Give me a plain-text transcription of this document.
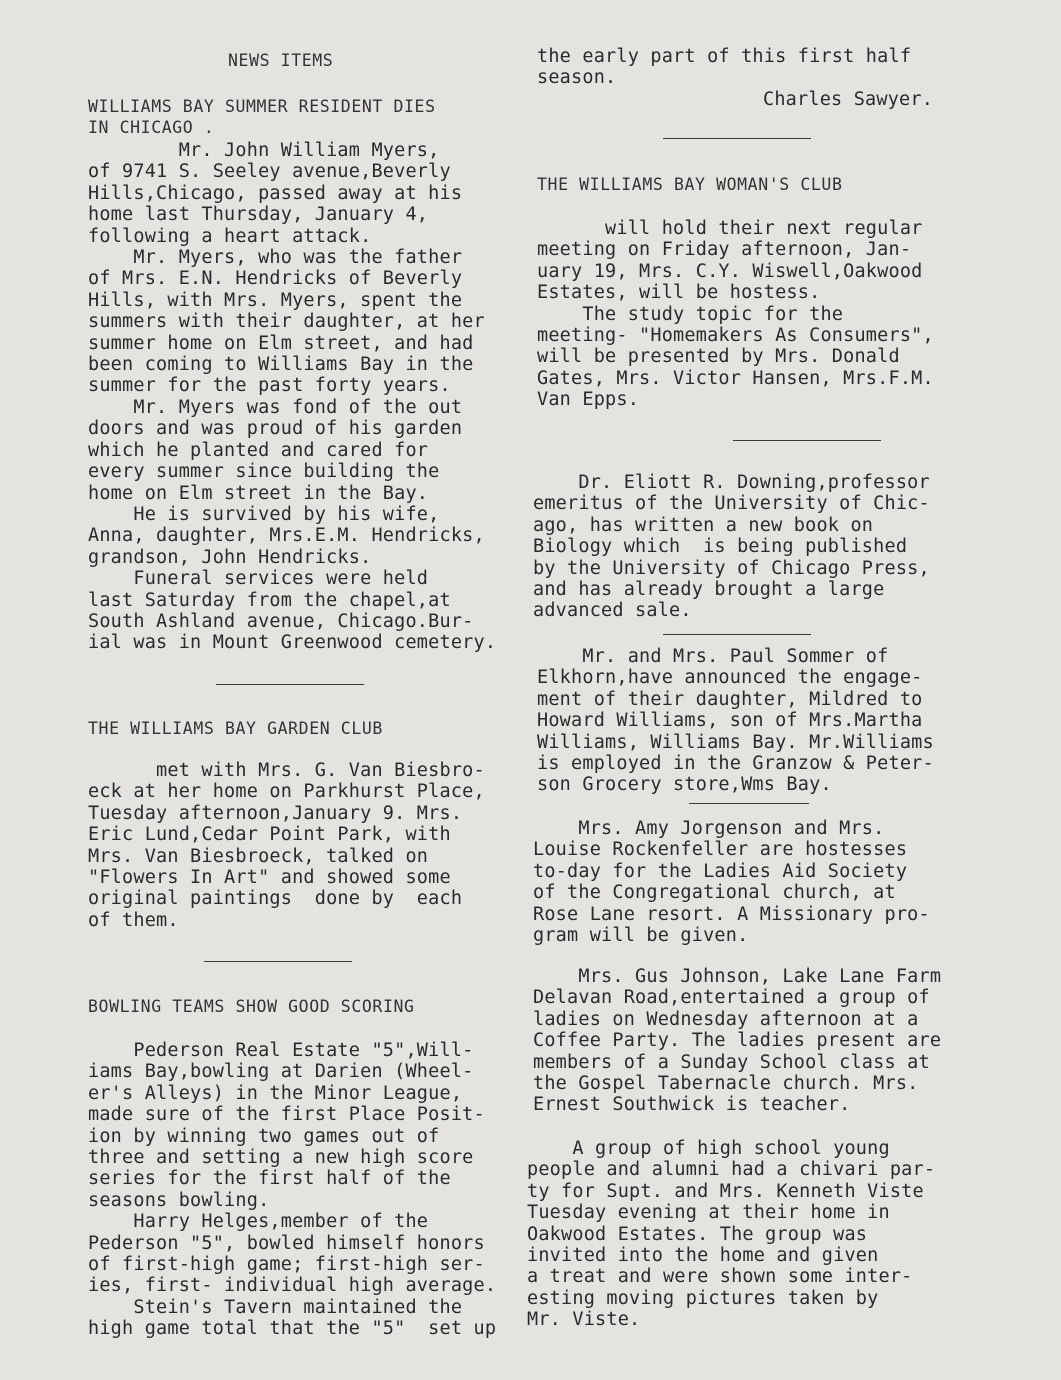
NEWS ITEMS
WILLIAMS BAY SUMMER RESIDENT DIES
IN CHICAGO .
Mr. John William Myers,
of 9741 S. Seeley avenue,Beverly
Hills,Chicago, passed away at his
home last Thursday, January 4,
following a heart attack.
Mr. Myers, who was the father
of Mrs. E.N. Hendricks of Beverly
Hills, with Mrs. Myers, spent the
summers with their daughter, at her
summer home on Elm street, and had
been coming to Williams Bay in the
summer for the past forty years.
Mr. Myers was fond of the out
doors and was proud of his garden
which he planted and cared for
every summer since building the
home on Elm street in the Bay.
He is survived by his wife,
Anna, daughter, Mrs.E.M. Hendricks,
grandson, John Hendricks.
Funeral services were held
last Saturday from the chapel,at
South Ashland avenue, Chicago.Bur-
ial was in Mount Greenwood cemetery.
THE WILLIAMS BAY GARDEN CLUB
met with Mrs. G. Van Biesbro-
eck at her home on Parkhurst Place,
Tuesday afternoon,January 9. Mrs.
Eric Lund,Cedar Point Park, with
Mrs. Van Biesbroeck, talked on
"Flowers In Art" and showed some
original paintings  done by  each
of them.
BOWLING TEAMS SHOW GOOD SCORING
Pederson Real Estate "5",Will-
iams Bay,bowling at Darien (Wheel-
er's Alleys) in the Minor League,
made sure of the first Place Posit-
ion by winning two games out of
three and setting a new high score
series for the first half of the
seasons bowling.
Harry Helges,member of the
Pederson "5", bowled himself honors
of first-high game; first-high ser-
ies, first- individual high average.
Stein's Tavern maintained the
high game total that the "5"  set up
the early part of this first half
season.
Charles Sawyer.
THE WILLIAMS BAY WOMAN'S CLUB
will hold their next regular
meeting on Friday afternoon, Jan-
uary 19, Mrs. C.Y. Wiswell,Oakwood
Estates, will be hostess.
The study topic for the
meeting- "Homemakers As Consumers",
will be presented by Mrs. Donald
Gates, Mrs. Victor Hansen, Mrs.F.M.
Van Epps.
Dr. Eliott R. Downing,professor
emeritus of the University of Chic-
ago, has written a new book on
Biology which  is being published
by the University of Chicago Press,
and has already brought a large
advanced sale.
Mr. and Mrs. Paul Sommer of
Elkhorn,have announced the engage-
ment of their daughter, Mildred to
Howard Williams, son of Mrs.Martha
Williams, Williams Bay. Mr.Williams
is employed in the Granzow & Peter-
son Grocery store,Wms Bay.
Mrs. Amy Jorgenson and Mrs.
Louise Rockenfeller are hostesses
to-day for the Ladies Aid Society
of the Congregational church, at
Rose Lane resort. A Missionary pro-
gram will be given.
Mrs. Gus Johnson, Lake Lane Farm
Delavan Road,entertained a group of
ladies on Wednesday afternoon at a
Coffee Party. The ladies present are
members of a Sunday School class at
the Gospel Tabernacle church. Mrs.
Ernest Southwick is teacher.
A group of high school young
people and alumni had a chivari par-
ty for Supt. and Mrs. Kenneth Viste
Tuesday evening at their home in
Oakwood Estates. The group was
invited into the home and given
a treat and were shown some inter-
esting moving pictures taken by
Mr. Viste.
